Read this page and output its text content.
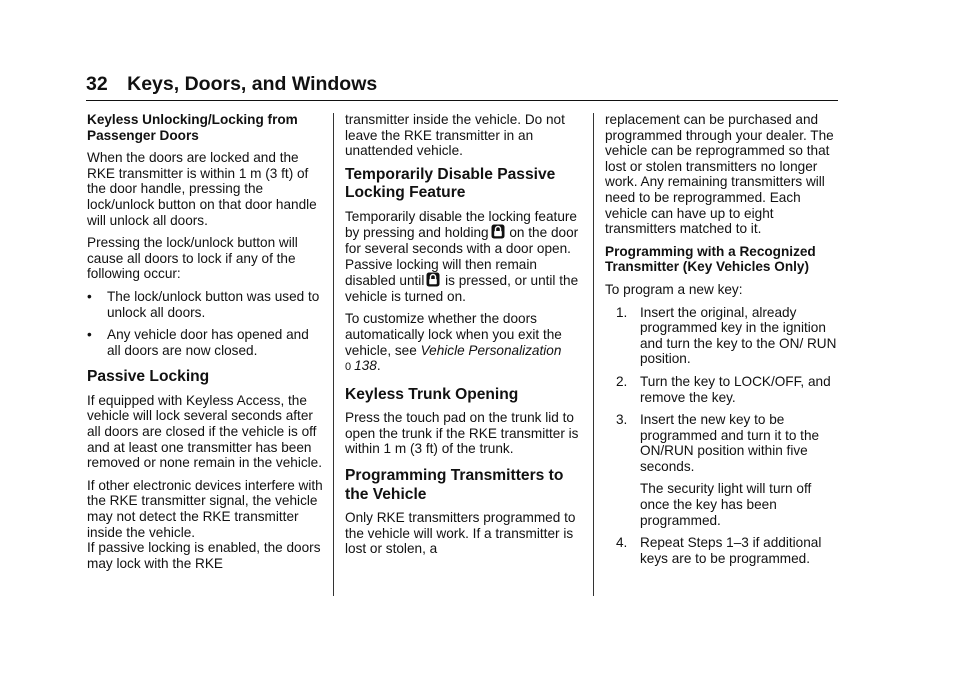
32 Keys, Doors, and Windows

Keyless Unlocking/Locking from Passenger Doors

When the doors are locked and the RKE transmitter is within 1 m (3 ft) of the door handle, pressing the lock/unlock button on that door handle will unlock all doors.

Pressing the lock/unlock button will cause all doors to lock if any of the following occur:

• The lock/unlock button was used to unlock all doors.
• Any vehicle door has opened and all doors are now closed.
Passive Locking

If equipped with Keyless Access, the vehicle will lock several seconds after all doors are closed if the vehicle is off and at least one transmitter has been removed or none remain in the vehicle.

If other electronic devices interfere with the RKE transmitter signal, the vehicle may not detect the RKE transmitter inside the vehicle.
If passive locking is enabled, the doors may lock with the RKE

transmitter inside the vehicle. Do not leave the RKE transmitter in an unattended vehicle.

Temporarily Disable Passive Locking Feature

Temporarily disable the locking feature by pressing and holding on the door for several seconds with a door open. Passive locking will then remain disabled until is pressed, or until the vehicle is turned on.

To customize whether the doors automatically lock when you exit the vehicle, see Vehicle Personalization
0 138.

Keyless Trunk Opening

Press the touch pad on the trunk lid to open the trunk if the RKE transmitter is within 1 m (3 ft) of the trunk.

Programming Transmitters to the Vehicle

Only RKE transmitters programmed to the vehicle will work. If a transmitter is lost or stolen, a

replacement can be purchased and programmed through your dealer. The vehicle can be reprogrammed so that lost or stolen transmitters no longer work. Any remaining transmitters will need to be reprogrammed. Each vehicle can have up to eight transmitters matched to it.

Programming with a Recognized Transmitter (Key Vehicles Only)

To program a new key:

1. Insert the original, already programmed key in the ignition and turn the key to the ON/ RUN position.
2. Turn the key to LOCK/OFF, and remove the key.
3. Insert the new key to be programmed and turn it to the ON/RUN position within five seconds.

The security light will turn off once the key has been programmed.

4. Repeat Steps 1–3 if additional keys are to be programmed.
